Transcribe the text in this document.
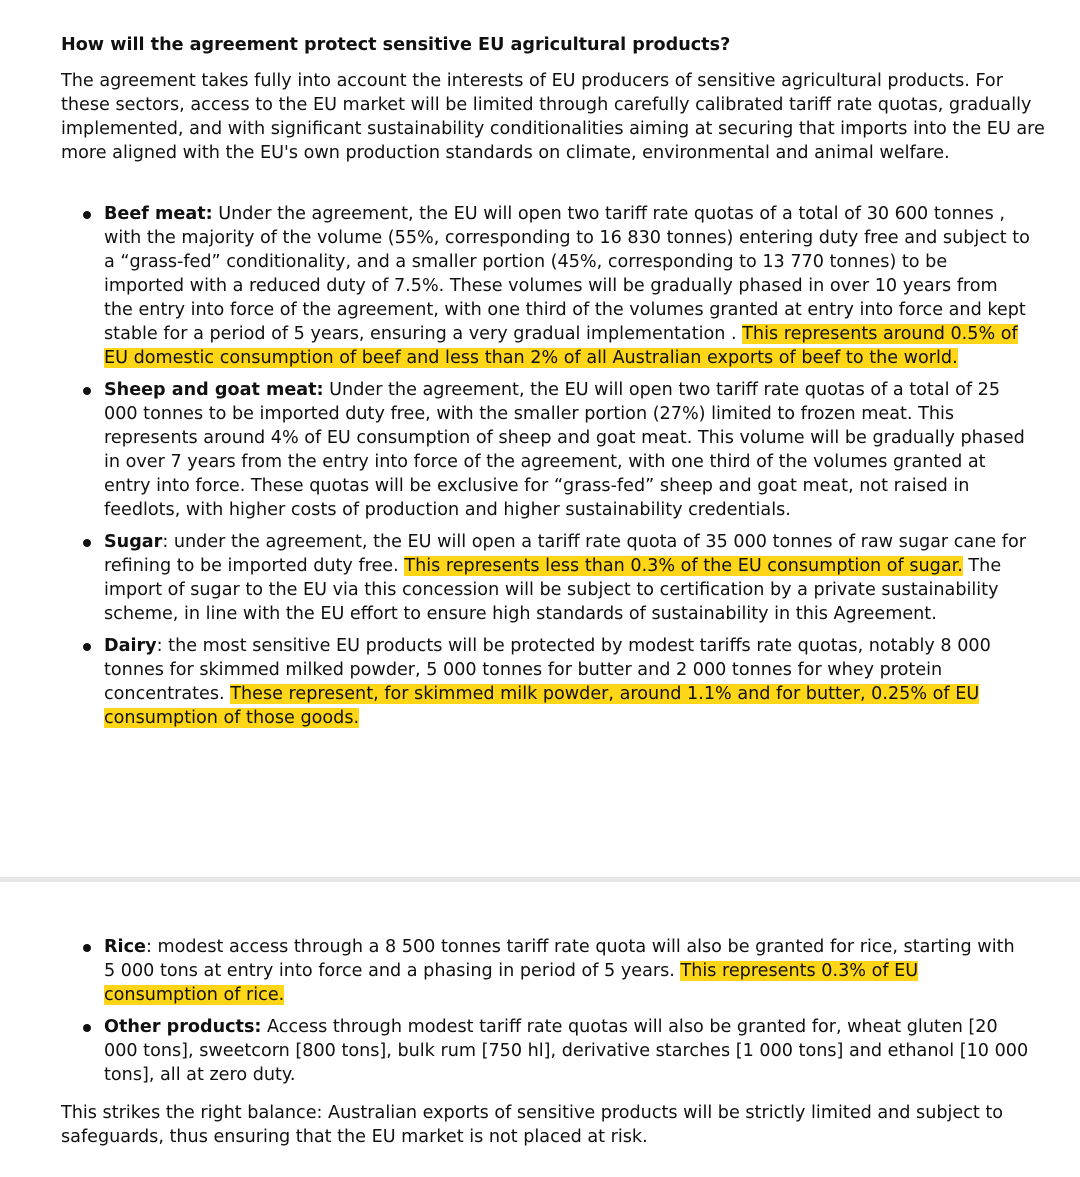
How will the agreement protect sensitive EU agricultural products?

The agreement takes fully into account the interests of EU producers of sensitive agricultural products. For these sectors, access to the EU market will be limited through carefully calibrated tariff rate quotas, gradually implemented, and with significant sustainability conditionalities aiming at securing that imports into the EU are more aligned with the EU's own production standards on climate, environmental and animal welfare.

Beef meat: Under the agreement, the EU will open two tariff rate quotas of a total of 30 600 tonnes , with the majority of the volume (55%, corresponding to 16 830 tonnes) entering duty free and subject to a “grass-fed” conditionality, and a smaller portion (45%, corresponding to 13 770 tonnes) to be imported with a reduced duty of 7.5%. These volumes will be gradually phased in over 10 years from the entry into force of the agreement, with one third of the volumes granted at entry into force and kept stable for a period of 5 years, ensuring a very gradual implementation . This represents around 0.5% of EU domestic consumption of beef and less than 2% of all Australian exports of beef to the world.
Sheep and goat meat: Under the agreement, the EU will open two tariff rate quotas of a total of 25 000 tonnes to be imported duty free, with the smaller portion (27%) limited to frozen meat. This represents around 4% of EU consumption of sheep and goat meat. This volume will be gradually phased in over 7 years from the entry into force of the agreement, with one third of the volumes granted at entry into force. These quotas will be exclusive for “grass-fed” sheep and goat meat, not raised in feedlots, with higher costs of production and higher sustainability credentials.
Sugar: under the agreement, the EU will open a tariff rate quota of 35 000 tonnes of raw sugar cane for refining to be imported duty free. This represents less than 0.3% of the EU consumption of sugar. The import of sugar to the EU via this concession will be subject to certification by a private sustainability scheme, in line with the EU effort to ensure high standards of sustainability in this Agreement.
Dairy: the most sensitive EU products will be protected by modest tariffs rate quotas, notably 8 000 tonnes for skimmed milked powder, 5 000 tonnes for butter and 2 000 tonnes for whey protein concentrates. These represent, for skimmed milk powder, around 1.1% and for butter, 0.25% of EU consumption of those goods.
Rice: modest access through a 8 500 tonnes tariff rate quota will also be granted for rice, starting with 5 000 tons at entry into force and a phasing in period of 5 years. This represents 0.3% of EU consumption of rice.
Other products: Access through modest tariff rate quotas will also be granted for, wheat gluten [20 000 tons], sweetcorn [800 tons], bulk rum [750 hl], derivative starches [1 000 tons] and ethanol [10 000 tons], all at zero duty.

This strikes the right balance: Australian exports of sensitive products will be strictly limited and subject to safeguards, thus ensuring that the EU market is not placed at risk.
